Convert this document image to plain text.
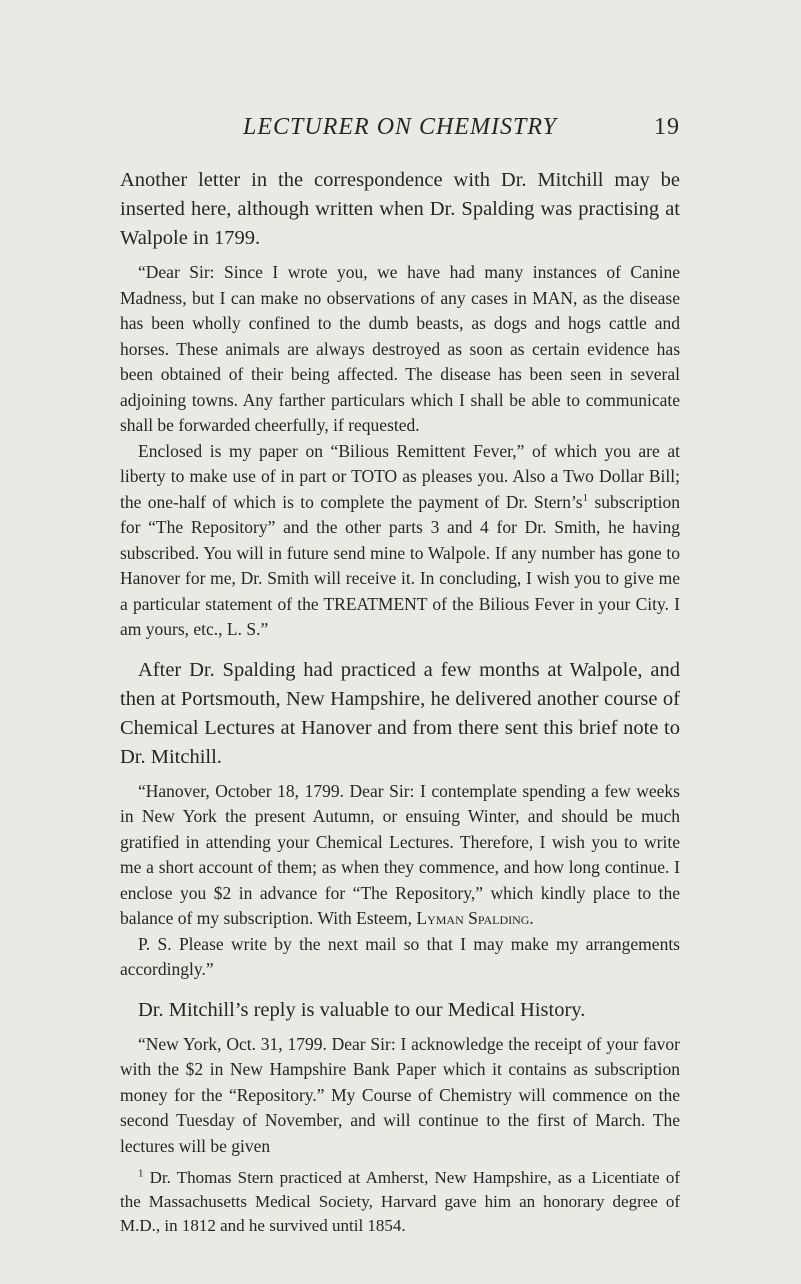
LECTURER ON CHEMISTRY	19

Another letter in the correspondence with Dr. Mitchill may be inserted here, although written when Dr. Spalding was practising at Walpole in 1799.

“Dear Sir: Since I wrote you, we have had many instances of Canine Madness, but I can make no observations of any cases in MAN, as the disease has been wholly confined to the dumb beasts, as dogs and hogs cattle and horses. These animals are always destroyed as soon as certain evidence has been obtained of their being affected. The disease has been seen in several adjoining towns. Any farther particulars which I shall be able to communicate shall be forwarded cheerfully, if requested.

Enclosed is my paper on “Bilious Remittent Fever,” of which you are at liberty to make use of in part or TOTO as pleases you. Also a Two Dollar Bill; the one-half of which is to complete the payment of Dr. $Stern’s^1$ subscription for “The Repository” and the other parts 3 and 4 for Dr. Smith, he having subscribed. You will in future send mine to Walpole. If any number has gone to Hanover for me, Dr. Smith will receive it. In concluding, I wish you to give me a particular statement of the TREATMENT of the Bilious Fever in your City. I am yours, etc., L. S.”

After Dr. Spalding had practiced a few months at Walpole, and then at Portsmouth, New Hampshire, he delivered another course of Chemical Lectures at Hanover and from there sent this brief note to Dr. Mitchill.

“Hanover, October 18, 1799. Dear Sir: I contemplate spending a few weeks in New York the present Autumn, or ensuing Winter, and should be much gratified in attending your Chemical Lectures. Therefore, I wish you to write me a short account of them; as when they commence, and how long continue. I enclose you $2 in advance for “The Repository,” which kindly place to the balance of my subscription. With Esteem, Lyman Spalding.

P. S. Please write by the next mail so that I may make my arrangements accordingly.”

Dr. Mitchill’s reply is valuable to our Medical History.

“New York, Oct. 31, 1799. Dear Sir: I acknowledge the receipt of your favor with the $2 in New Hampshire Bank Paper which it contains as subscription money for the “Repository.” My Course of Chemistry will commence on the second Tuesday of November, and will continue to the first of March. The lectures will be given

$^1$ Dr. Thomas Stern practiced at Amherst, New Hampshire, as a Licentiate of the Massachusetts Medical Society, Harvard gave him an honorary degree of M.D., in 1812 and he survived until 1854.
